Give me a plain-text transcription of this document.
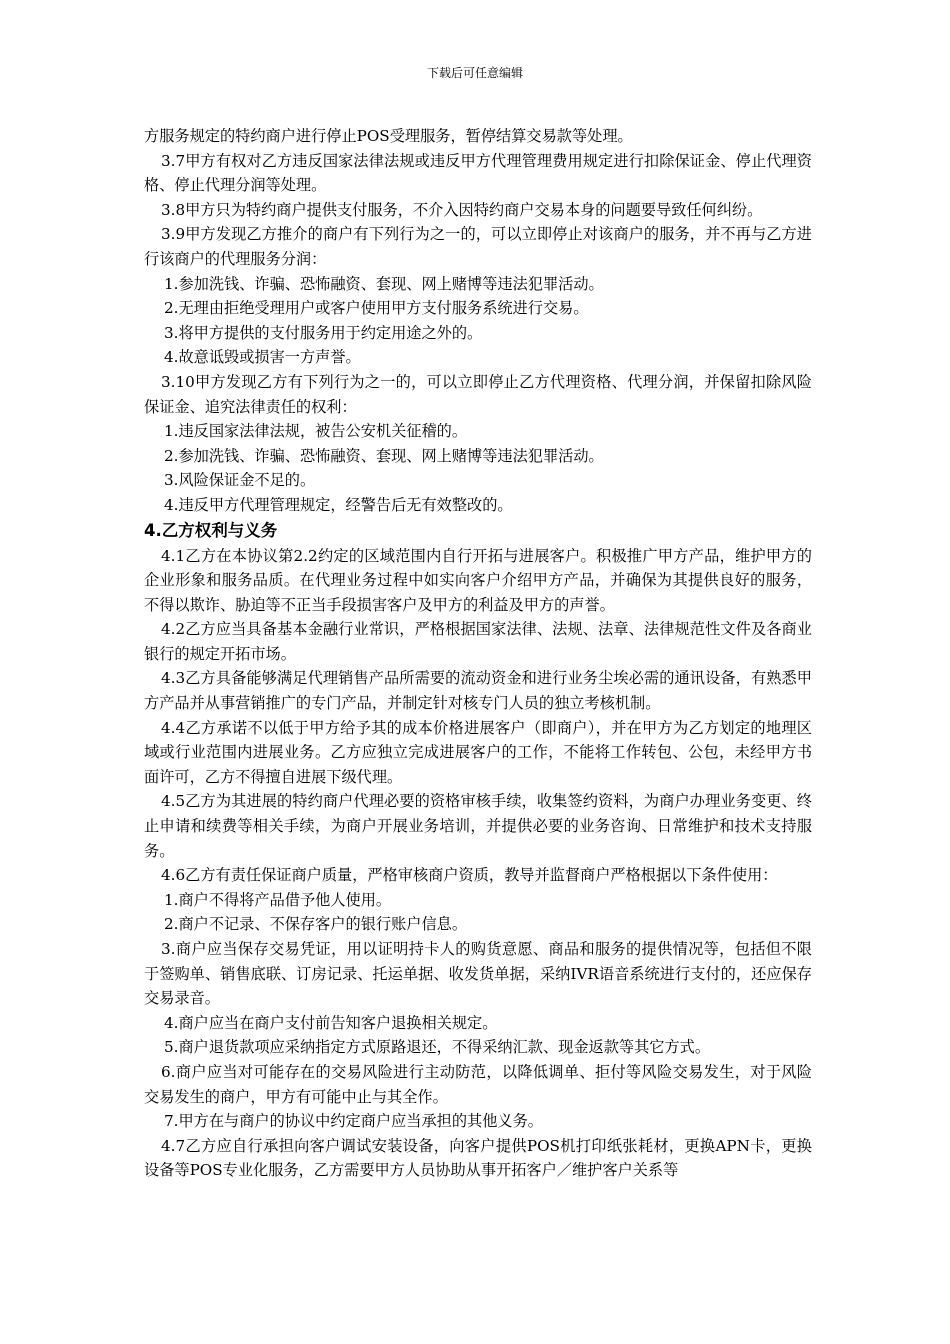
下载后可任意编辑

方服务规定的特约商户进行停止POS受理服务，暂停结算交易款等处理。

3.7甲方有权对乙方违反国家法律法规或违反甲方代理管理费用规定进行扣除保证金、停止代理资格、停止代理分润等处理。

3.8甲方只为特约商户提供支付服务，不介入因特约商户交易本身的问题要导致任何纠纷。

3.9甲方发现乙方推介的商户有下列行为之一的，可以立即停止对该商户的服务，并不再与乙方进行该商户的代理服务分润：

1.参加洗钱、诈骗、恐怖融资、套现、网上赌博等违法犯罪活动。

2.无理由拒绝受理用户或客户使用甲方支付服务系统进行交易。

3.将甲方提供的支付服务用于约定用途之外的。

4.故意诋毁或损害一方声誉。

3.10甲方发现乙方有下列行为之一的，可以立即停止乙方代理资格、代理分润，并保留扣除风险保证金、追究法律责任的权利：

1.违反国家法律法规，被告公安机关征稽的。

2.参加洗钱、诈骗、恐怖融资、套现、网上赌博等违法犯罪活动。

3.风险保证金不足的。

4.违反甲方代理管理规定，经警告后无有效整改的。

4.乙方权利与义务

4.1乙方在本协议第2.2约定的区域范围内自行开拓与进展客户。积极推广甲方产品，维护甲方的企业形象和服务品质。在代理业务过程中如实向客户介绍甲方产品，并确保为其提供良好的服务，不得以欺诈、胁迫等不正当手段损害客户及甲方的利益及甲方的声誉。

4.2乙方应当具备基本金融行业常识，严格根据国家法律、法规、法章、法律规范性文件及各商业银行的规定开拓市场。

4.3乙方具备能够满足代理销售产品所需要的流动资金和进行业务尘埃必需的通讯设备，有熟悉甲方产品并从事营销推广的专门产品，并制定针对核专门人员的独立考核机制。

4.4乙方承诺不以低于甲方给予其的成本价格进展客户（即商户），并在甲方为乙方划定的地理区域或行业范围内进展业务。乙方应独立完成进展客户的工作，不能将工作转包、公包，未经甲方书面许可，乙方不得擅自进展下级代理。

4.5乙方为其进展的特约商户代理必要的资格审核手续，收集签约资料，为商户办理业务变更、终止申请和续费等相关手续，为商户开展业务培训，并提供必要的业务咨询、日常维护和技术支持服务。

4.6乙方有责任保证商户质量，严格审核商户资质，教导并监督商户严格根据以下条件使用：

1.商户不得将产品借予他人使用。

2.商户不记录、不保存客户的银行账户信息。

3.商户应当保存交易凭证，用以证明持卡人的购货意愿、商品和服务的提供情况等，包括但不限于签购单、销售底联、订房记录、托运单据、收发货单据，采纳IVR语音系统进行支付的，还应保存交易录音。

4.商户应当在商户支付前告知客户退换相关规定。

5.商户退货款项应采纳指定方式原路退还，不得采纳汇款、现金返款等其它方式。

6.商户应当对可能存在的交易风险进行主动防范，以降低调单、拒付等风险交易发生，对于风险交易发生的商户，甲方有可能中止与其全作。

7.甲方在与商户的协议中约定商户应当承担的其他义务。

4.7乙方应自行承担向客户调试安装设备，向客户提供POS机打印纸张耗材，更换APN卡，更换设备等POS专业化服务，乙方需要甲方人员协助从事开拓客户／维护客户关系等
